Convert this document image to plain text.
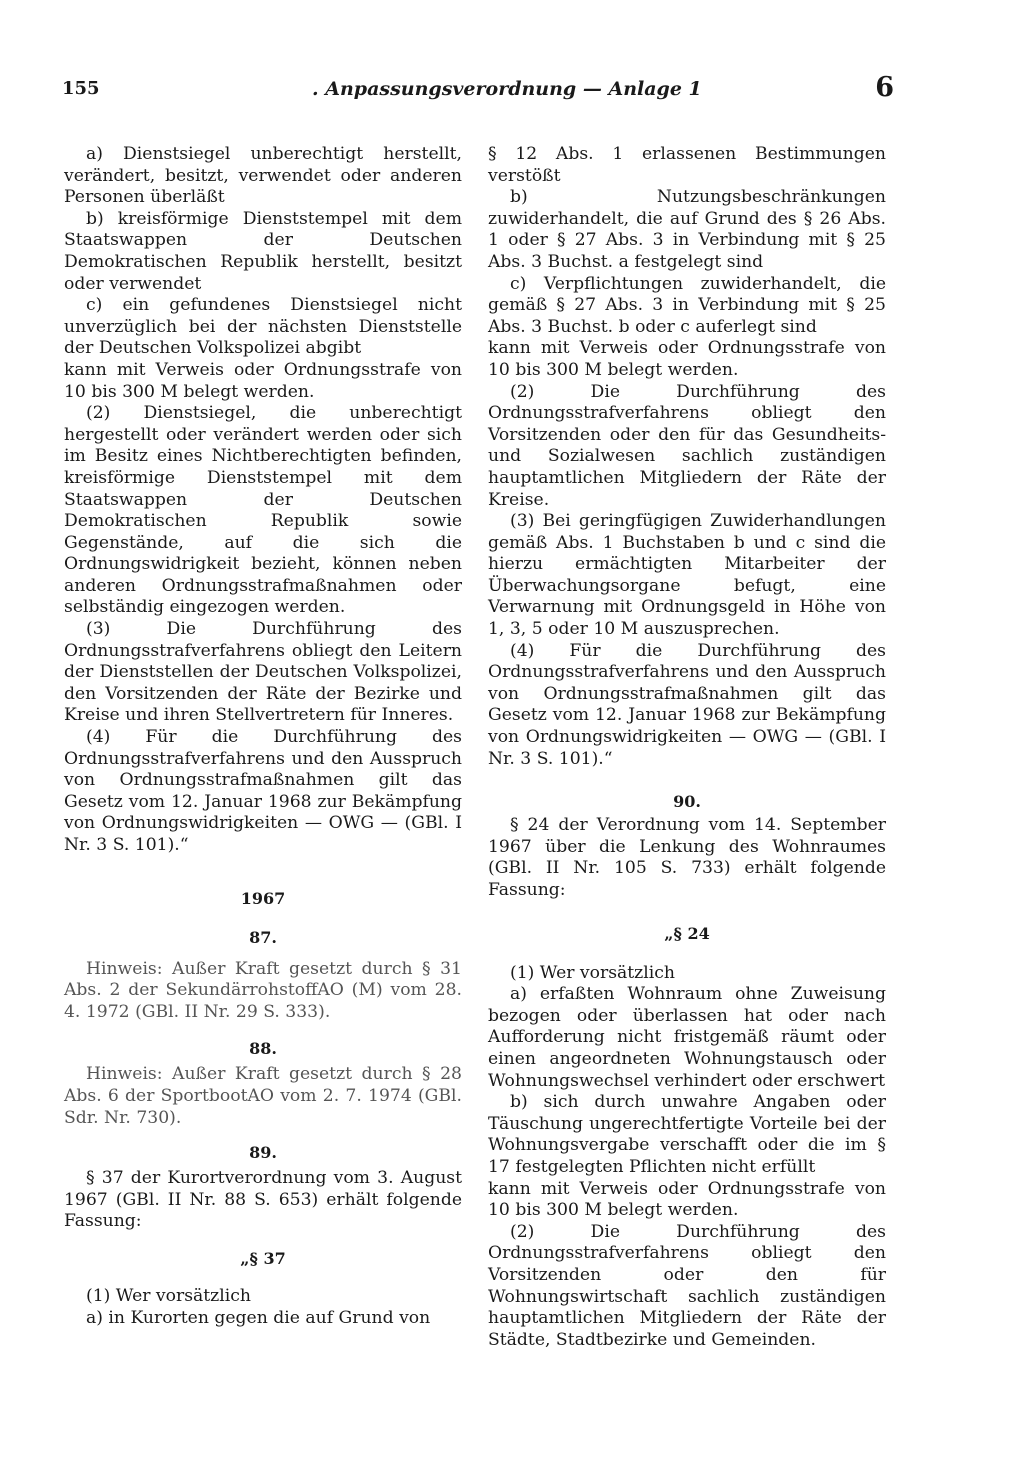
155	. Anpassungsverordnung — Anlage 1	6

a) Dienstsiegel unberechtigt herstellt, verändert, besitzt, verwendet oder anderen Personen überläßt

b) kreisförmige Dienststempel mit dem Staatswappen der Deutschen Demokratischen Republik herstellt, besitzt oder verwendet

c) ein gefundenes Dienstsiegel nicht unverzüglich bei der nächsten Dienststelle der Deutschen Volkspolizei abgibt

kann mit Verweis oder Ordnungsstrafe von 10 bis 300 M belegt werden.

(2) Dienstsiegel, die unberechtigt hergestellt oder verändert werden oder sich im Besitz eines Nichtberechtigten befinden, kreisförmige Dienststempel mit dem Staatswappen der Deutschen Demokratischen Republik sowie Gegenstände, auf die sich die Ordnungswidrigkeit bezieht, können neben anderen Ordnungsstrafmaßnahmen oder selbständig eingezogen werden.

(3) Die Durchführung des Ordnungsstrafverfahrens obliegt den Leitern der Dienststellen der Deutschen Volkspolizei, den Vorsitzenden der Räte der Bezirke und Kreise und ihren Stellvertretern für Inneres.

(4) Für die Durchführung des Ordnungsstrafverfahrens und den Ausspruch von Ordnungsstrafmaßnahmen gilt das Gesetz vom 12. Januar 1968 zur Bekämpfung von Ordnungswidrigkeiten — OWG — (GBl. I Nr. 3 S. 101).“

1967

87.

Hinweis: Außer Kraft gesetzt durch § 31 Abs. 2 der SekundärrohstoffAO (M) vom 28. 4. 1972 (GBl. II Nr. 29 S. 333).

88.

Hinweis: Außer Kraft gesetzt durch § 28 Abs. 6 der SportbootAO vom 2. 7. 1974 (GBl. Sdr. Nr. 730).

89.

§ 37 der Kurortverordnung vom 3. August 1967 (GBl. II Nr. 88 S. 653) erhält folgende Fassung:

„§ 37

(1) Wer vorsätzlich

a) in Kurorten gegen die auf Grund von

§ 12 Abs. 1 erlassenen Bestimmungen verstößt

b) Nutzungsbeschränkungen zuwiderhandelt, die auf Grund des § 26 Abs. 1 oder § 27 Abs. 3 in Verbindung mit § 25 Abs. 3 Buchst. a festgelegt sind

c) Verpflichtungen zuwiderhandelt, die gemäß § 27 Abs. 3 in Verbindung mit § 25 Abs. 3 Buchst. b oder c auferlegt sind

kann mit Verweis oder Ordnungsstrafe von 10 bis 300 M belegt werden.

(2) Die Durchführung des Ordnungsstrafverfahrens obliegt den Vorsitzenden oder den für das Gesundheits- und Sozialwesen sachlich zuständigen hauptamtlichen Mitgliedern der Räte der Kreise.

(3) Bei geringfügigen Zuwiderhandlungen gemäß Abs. 1 Buchstaben b und c sind die hierzu ermächtigten Mitarbeiter der Überwachungsorgane befugt, eine Verwarnung mit Ordnungsgeld in Höhe von 1, 3, 5 oder 10 M auszusprechen.

(4) Für die Durchführung des Ordnungsstrafverfahrens und den Ausspruch von Ordnungsstrafmaßnahmen gilt das Gesetz vom 12. Januar 1968 zur Bekämpfung von Ordnungswidrigkeiten — OWG — (GBl. I Nr. 3 S. 101).“

90.

§ 24 der Verordnung vom 14. September 1967 über die Lenkung des Wohnraumes (GBl. II Nr. 105 S. 733) erhält folgende Fassung:

„§ 24

(1) Wer vorsätzlich

a) erfaßten Wohnraum ohne Zuweisung bezogen oder überlassen hat oder nach Aufforderung nicht fristgemäß räumt oder einen angeordneten Wohnungstausch oder Wohnungswechsel verhindert oder erschwert

b) sich durch unwahre Angaben oder Täuschung ungerechtfertigte Vorteile bei der Wohnungsvergabe verschafft oder die im § 17 festgelegten Pflichten nicht erfüllt

kann mit Verweis oder Ordnungsstrafe von 10 bis 300 M belegt werden.

(2) Die Durchführung des Ordnungsstrafverfahrens obliegt den Vorsitzenden oder den für Wohnungswirtschaft sachlich zuständigen hauptamtlichen Mitgliedern der Räte der Städte, Stadtbezirke und Gemeinden.
